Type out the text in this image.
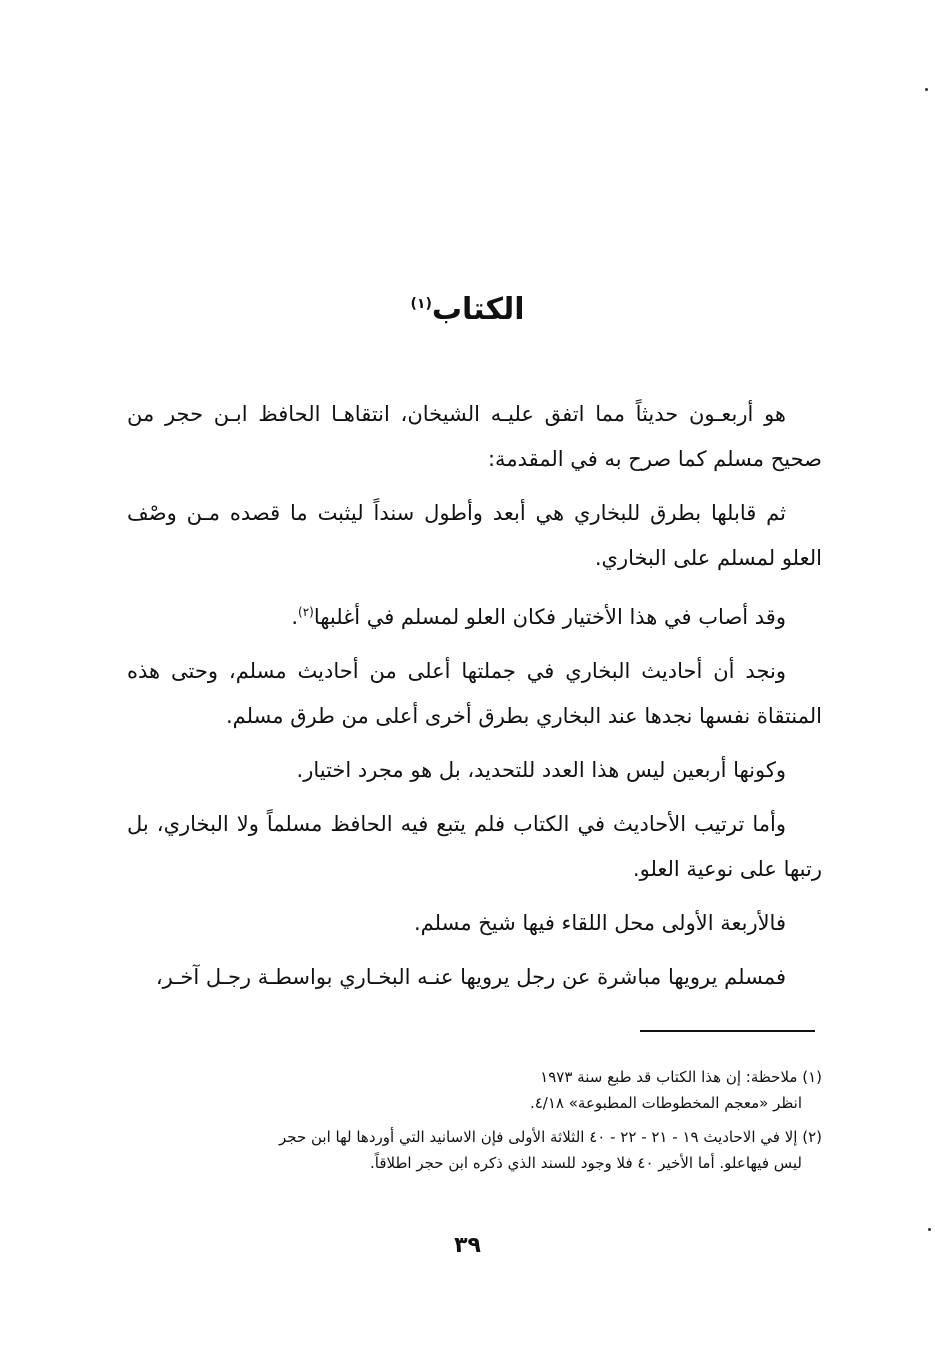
الكتاب$^{(١)}$

هو أربعـون حديثاً مما اتفق عليـه الشيخان، انتقاهـا الحافظ ابـن حجر من صحيح مسلم كما صرح به في المقدمة:

ثم قابلها بطرق للبخاري هي أبعد وأطول سنداً ليثبت ما قصده مـن وصْف العلو لمسلم على البخاري.

وقد أصاب في هذا الأختيار فكان العلو لمسلم في أغلبها$^{(٢)}$.

ونجد أن أحاديث البخاري في جملتها أعلى من أحاديث مسلم، وحتى هذه المنتقاة نفسها نجدها عند البخاري بطرق أخرى أعلى من طرق مسلم.

وكونها أربعين ليس هذا العدد للتحديد، بل هو مجرد اختيار.

وأما ترتيب الأحاديث في الكتاب فلم يتبع فيه الحافظ مسلماً ولا البخاري، بل رتبها على نوعية العلو.

فالأربعة الأولى محل اللقاء فيها شيخ مسلم.

فمسلم يرويها مباشرة عن رجل يرويها عنـه البخـاري بواسطـة رجـل آخـر،

(١) ملاحظة: إن هذا الكتاب قد طبع سنة ١٩٧٣
انظر «معجم المخطوطات المطبوعة» ٤/١٨.
(٢) إلا في الاحاديث ١٩ - ٢١ - ٢٢ - ٤٠ الثلاثة الأولى فإن الاسانيد التي أوردها لها ابن حجر
ليس فيهاعلو. أما الأخير ٤٠ فلا وجود للسند الذي ذكره ابن حجر اطلاقاً.
٣٩
